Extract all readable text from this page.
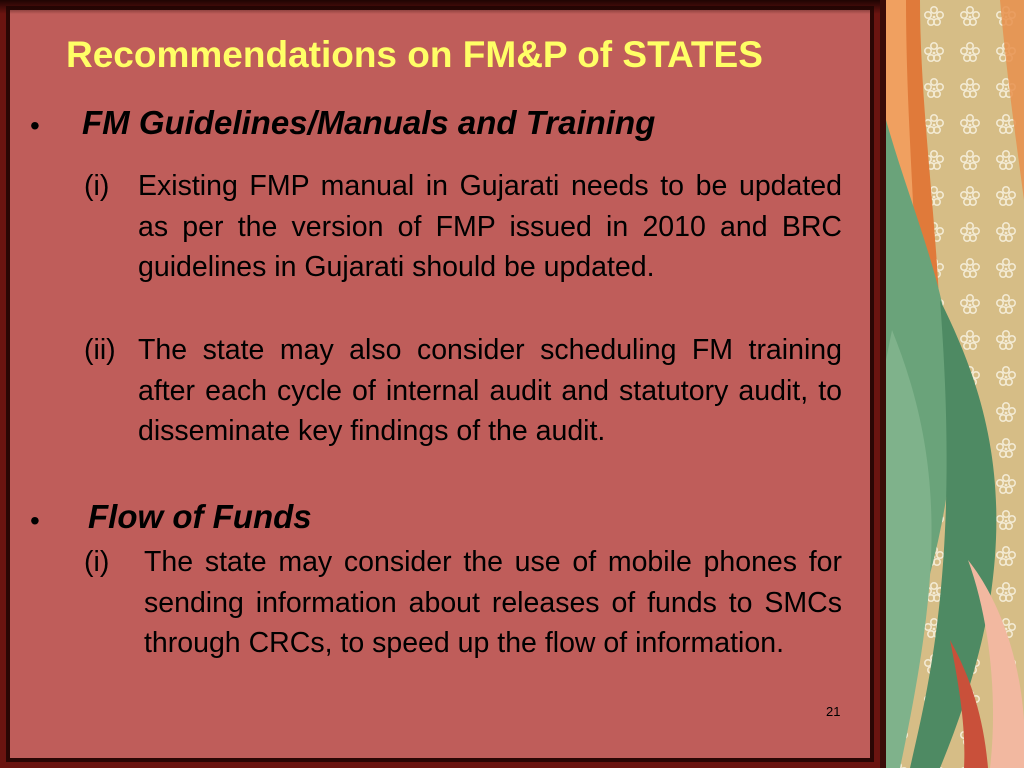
Recommendations on FM&P of STATES
• FM Guidelines/Manuals and Training

(i) Existing FMP manual in Gujarati needs to be updated as per the version of FMP issued in 2010 and BRC guidelines in Gujarati should be updated.

(ii) The state may also consider scheduling FM training after each cycle of internal audit and statutory audit, to disseminate key findings of the audit.

• Flow of Funds

(i) The state may consider the use of mobile phones for sending information about releases of funds to SMCs through CRCs, to speed up the flow of information.

21
